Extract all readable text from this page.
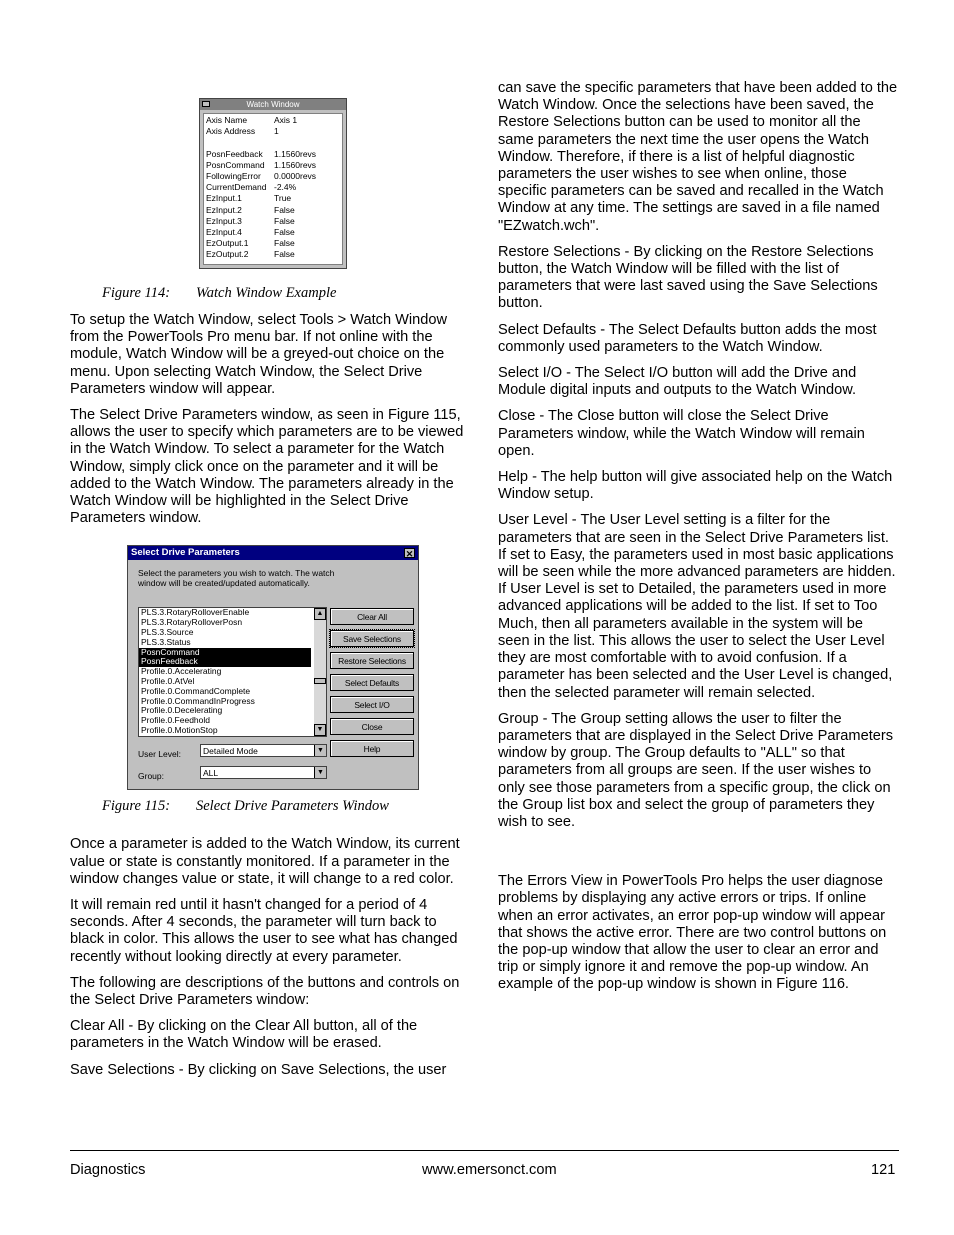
Watch Window
Axis Name	Axis 1
Axis Address	1
PosnFeedback	1.1560revs
PosnCommand	1.1560revs
FollowingError	0.0000revs
CurrentDemand -2.4%
EzInput.1	True
EzInput.2	False
EzInput.3	False
EzInput.4	False
EzOutput.1	False
EzOutput.2	False
Figure 114: Watch Window Example

To setup the Watch Window, select Tools > Watch Window from the PowerTools Pro menu bar. If not online with the module, Watch Window will be a greyed-out choice on the menu. Upon selecting Watch Window, the Select Drive Parameters window will appear.

The Select Drive Parameters window, as seen in Figure 115, allows the user to specify which parameters are to be viewed in the Watch Window. To select a parameter for the Watch Window, simply click once on the parameter and it will be added to the Watch Window. The parameters already in the Watch Window will be highlighted in the Select Drive Parameters window.

Select Drive Parameters	✕
Select the parameters you wish to watch. The watch window will be created/updated automatically.
PLS.3.RotaryRolloverEnable
PLS.3.RotaryRolloverPosn
PLS.3.Source
PLS.3.Status
PosnCommand
PosnFeedback
Profile.0.Accelerating
Profile.0.AtVel
Profile.0.CommandComplete
Profile.0.CommandInProgress
Profile.0.Decelerating
Profile.0.Feedhold
Profile.0.MotionStop
▲
▼
Clear All
Save Selections
Restore Selections
Select Defaults
Select I/O
Close
Help
User Level:	Detailed Mode	▼
Group:	ALL	▼
Figure 115: Select Drive Parameters Window

Once a parameter is added to the Watch Window, its current value or state is constantly monitored. If a parameter in the window changes value or state, it will change to a red color.

It will remain red until it hasn't changed for a period of 4 seconds. After 4 seconds, the parameter will turn back to black in color. This allows the user to see what has changed recently without looking directly at every parameter.

The following are descriptions of the buttons and controls on the Select Drive Parameters window:

Clear All - By clicking on the Clear All button, all of the parameters in the Watch Window will be erased.

Save Selections - By clicking on Save Selections, the user

can save the specific parameters that have been added to the Watch Window. Once the selections have been saved, the Restore Selections button can be used to monitor all the same parameters the next time the user opens the Watch Window. Therefore, if there is a list of helpful diagnostic parameters the user wishes to see when online, those specific parameters can be saved and recalled in the Watch Window at any time. The settings are saved in a file named "EZwatch.wch".

Restore Selections - By clicking on the Restore Selections button, the Watch Window will be filled with the list of parameters that were last saved using the Save Selections button.

Select Defaults - The Select Defaults button adds the most commonly used parameters to the Watch Window.

Select I/O - The Select I/O button will add the Drive and Module digital inputs and outputs to the Watch Window.

Close - The Close button will close the Select Drive Parameters window, while the Watch Window will remain open.

Help - The help button will give associated help on the Watch Window setup.

User Level - The User Level setting is a filter for the parameters that are seen in the Select Drive Parameters list. If set to Easy, the parameters used in most basic applications will be seen while the more advanced parameters are hidden. If User Level is set to Detailed, the parameters used in more advanced applications will be added to the list. If set to Too Much, then all parameters available in the system will be seen in the list. This allows the user to select the User Level they are most comfortable with to avoid confusion. If a parameter has been selected and the User Level is changed, then the selected parameter will remain selected.

Group - The Group setting allows the user to filter the parameters that are displayed in the Select Drive Parameters window by group. The Group defaults to "ALL" so that parameters from all groups are seen. If the user wishes to only see those parameters from a specific group, the click on the Group list box and select the group of parameters they wish to see.

The Errors View in PowerTools Pro helps the user diagnose problems by displaying any active errors or trips. If online when an error activates, an error pop-up window will appear that shows the active error. There are two control buttons on the pop-up window that allow the user to clear an error and trip or simply ignore it and remove the pop-up window. An example of the pop-up window is shown in Figure 116.

Diagnostics	www.emersonct.com	121
